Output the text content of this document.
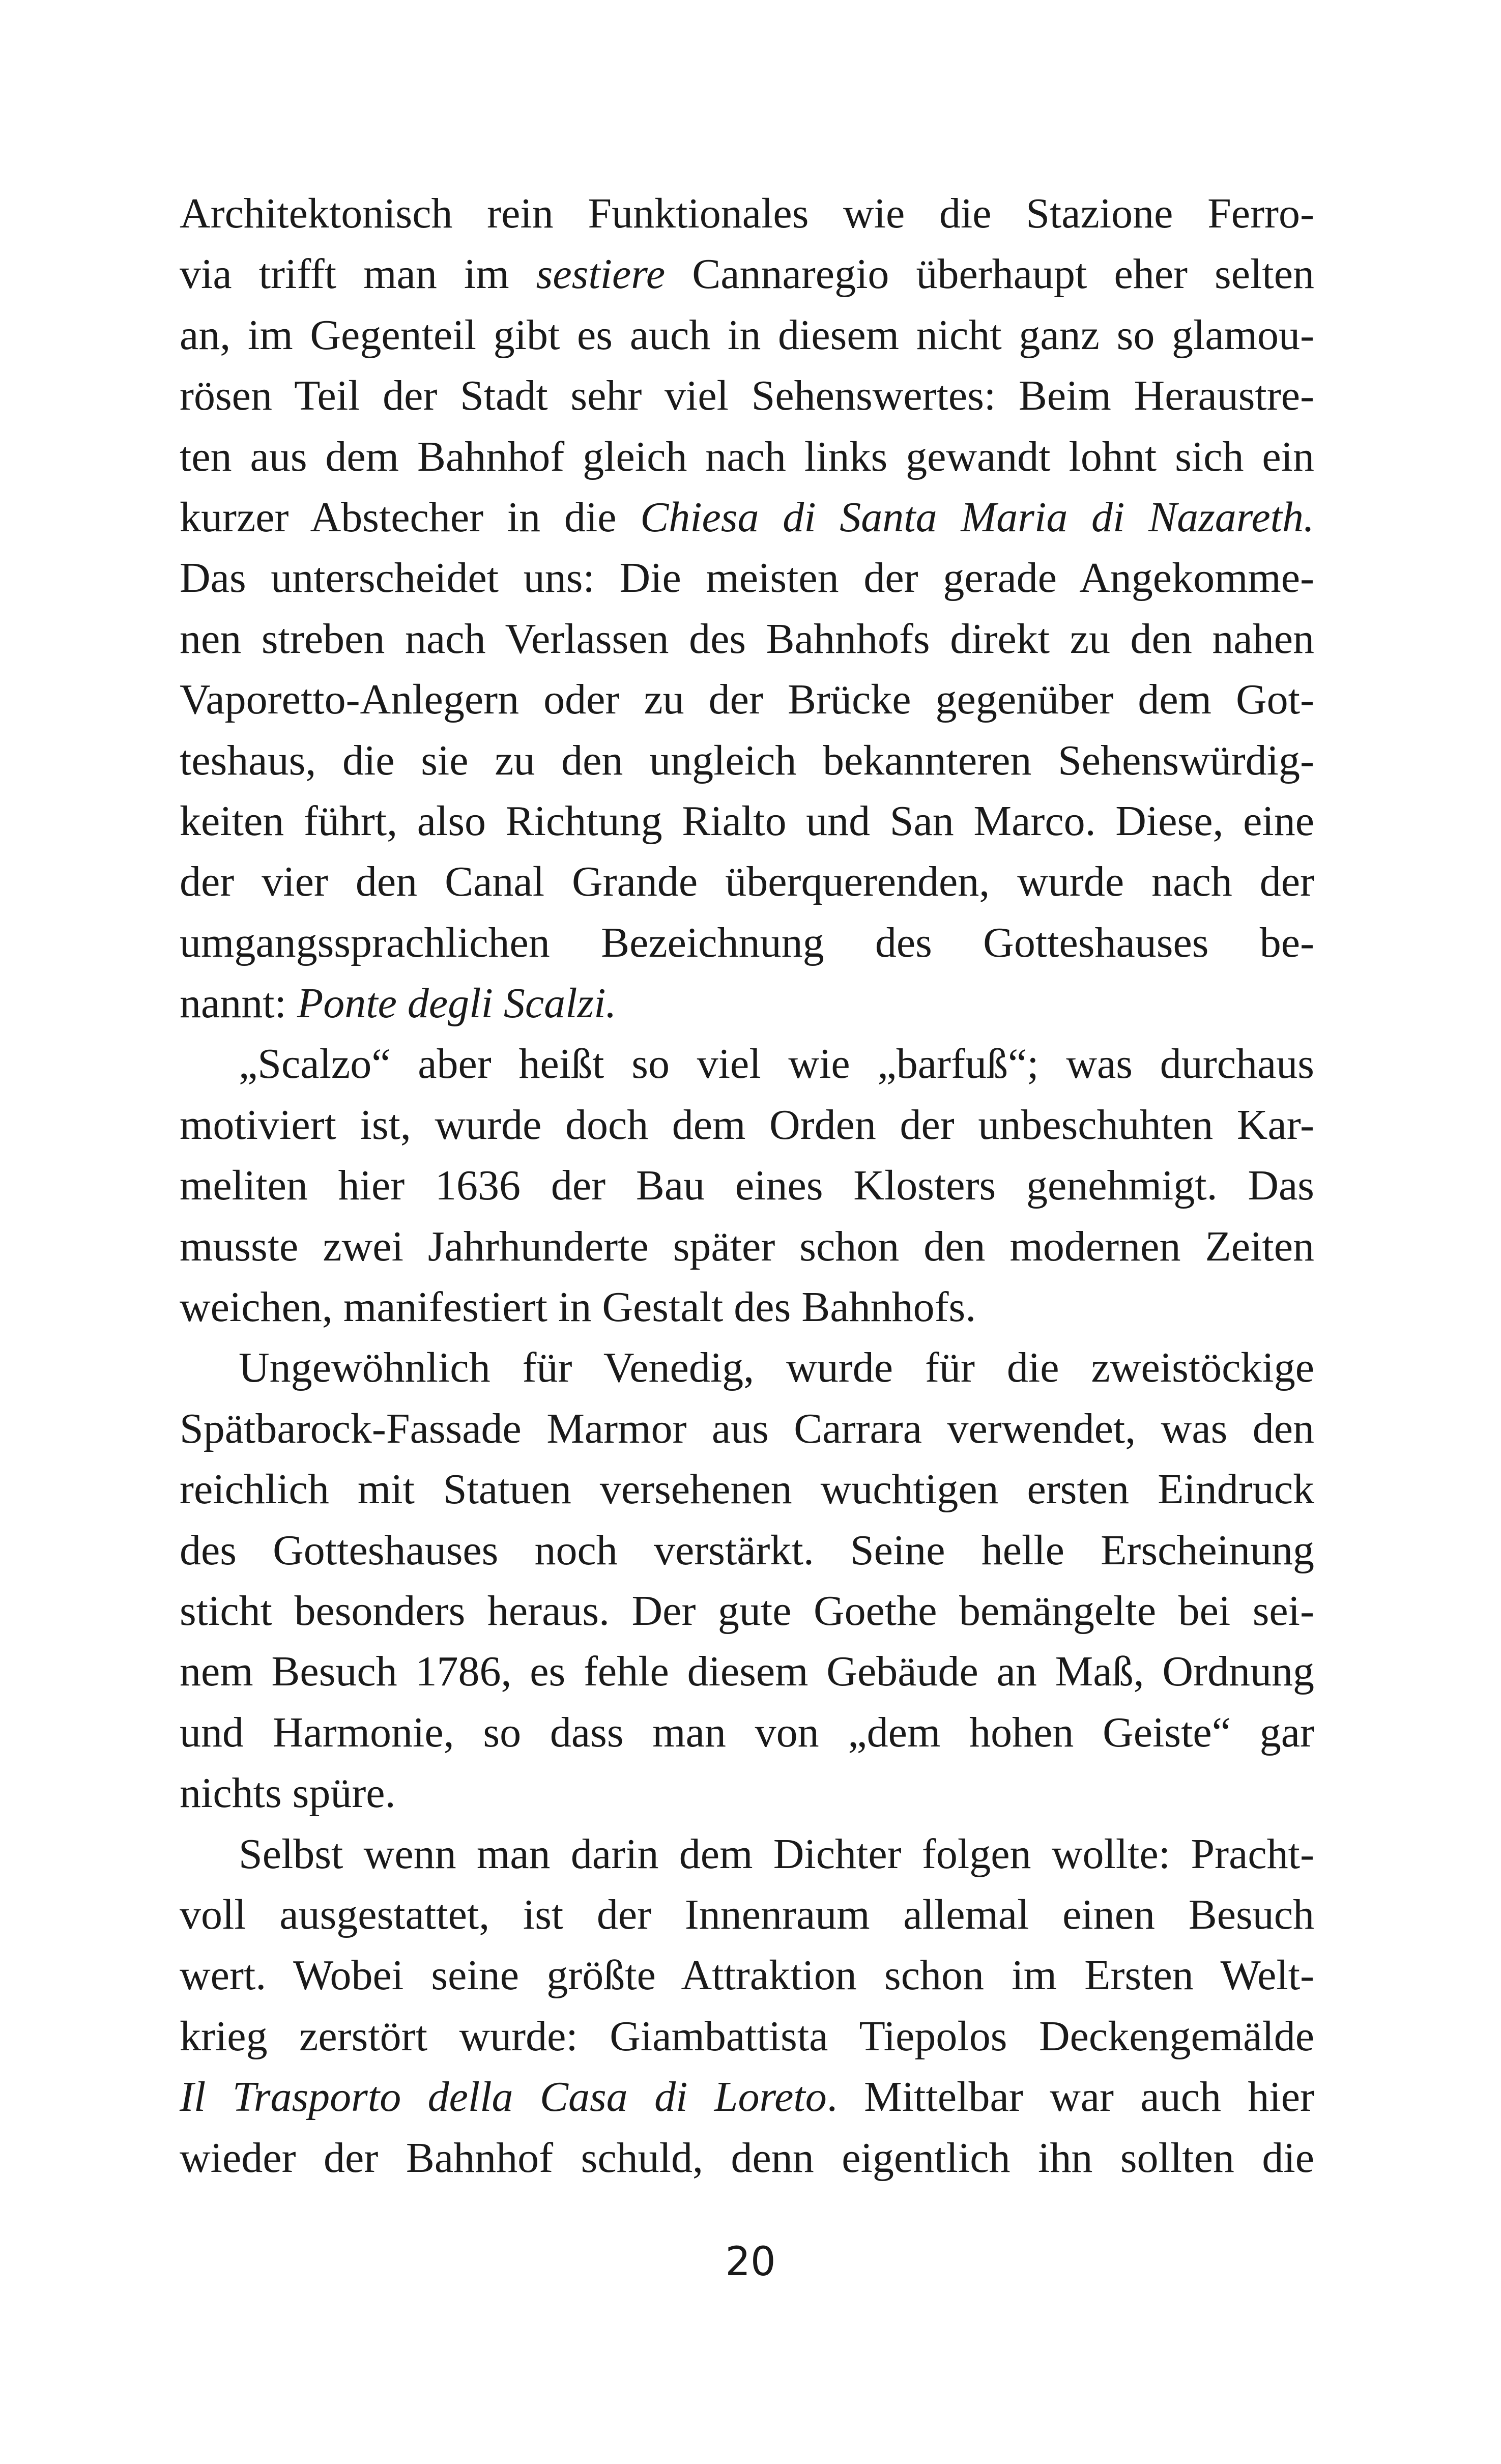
Architektonisch rein Funktionales wie die Stazione Ferro-
via trifft man im sestiere Cannaregio überhaupt eher selten
an, im Gegenteil gibt es auch in diesem nicht ganz so glamou-
rösen Teil der Stadt sehr viel Sehenswertes: Beim Heraustre-
ten aus dem Bahnhof gleich nach links gewandt lohnt sich ein
kurzer Abstecher in die Chiesa di Santa Maria di Nazareth.
Das unterscheidet uns: Die meisten der gerade Angekomme-
nen streben nach Verlassen des Bahnhofs direkt zu den nahen
Vaporetto-Anlegern oder zu der Brücke gegenüber dem Got-
teshaus, die sie zu den ungleich bekannteren Sehenswürdig-
keiten führt, also Richtung Rialto und San Marco. Diese, eine
der vier den Canal Grande überquerenden, wurde nach der
umgangssprachlichen Bezeichnung des Gotteshauses be-
nannt: Ponte degli Scalzi.
„Scalzo“ aber heißt so viel wie „barfuß“; was durchaus
motiviert ist, wurde doch dem Orden der unbeschuhten Kar-
meliten hier 1636 der Bau eines Klosters genehmigt. Das
musste zwei Jahrhunderte später schon den modernen Zeiten
weichen, manifestiert in Gestalt des Bahnhofs.
Ungewöhnlich für Venedig, wurde für die zweistöckige
Spätbarock-Fassade Marmor aus Carrara verwendet, was den
reichlich mit Statuen versehenen wuchtigen ersten Eindruck
des Gotteshauses noch verstärkt. Seine helle Erscheinung
sticht besonders heraus. Der gute Goethe bemängelte bei sei-
nem Besuch 1786, es fehle diesem Gebäude an Maß, Ordnung
und Harmonie, so dass man von „dem hohen Geiste“ gar
nichts spüre.
Selbst wenn man darin dem Dichter folgen wollte: Pracht-
voll ausgestattet, ist der Innenraum allemal einen Besuch
wert. Wobei seine größte Attraktion schon im Ersten Welt-
krieg zerstört wurde: Giambattista Tiepolos Deckengemälde
Il Trasporto della Casa di Loreto. Mittelbar war auch hier
wieder der Bahnhof schuld, denn eigentlich ihn sollten die
20
